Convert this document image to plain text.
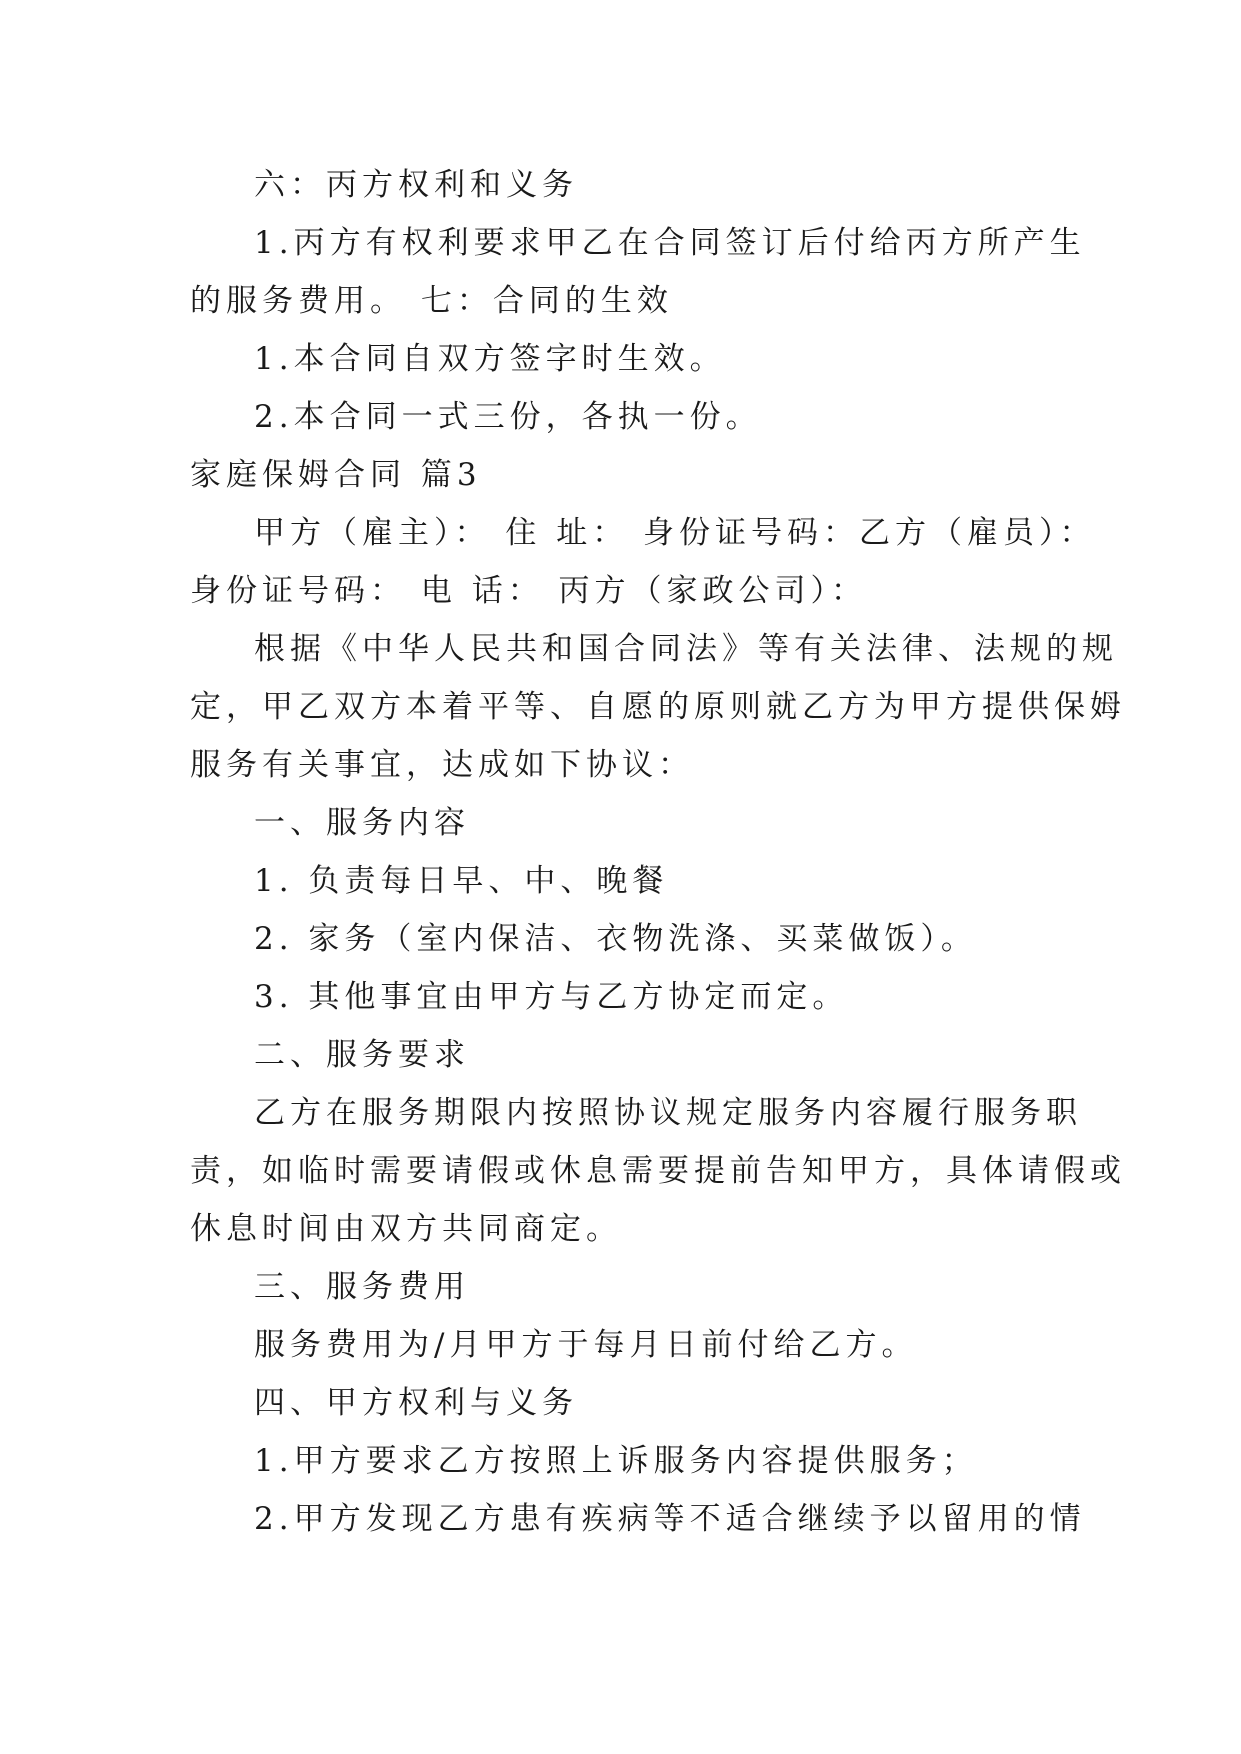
六：丙方权利和义务
1.丙方有权利要求甲乙在合同签订后付给丙方所产生
的服务费用。 七：合同的生效
1.本合同自双方签字时生效。
2.本合同一式三份，各执一份。
家庭保姆合同 篇3
甲方（雇主）： 住 址： 身份证号码：乙方（雇员）：
身份证号码： 电 话： 丙方（家政公司）：
根据《中华人民共和国合同法》等有关法律、法规的规
定，甲乙双方本着平等、自愿的原则就乙方为甲方提供保姆
服务有关事宜，达成如下协议：
一、服务内容
1. 负责每日早、中、晚餐
2. 家务（室内保洁、衣物洗涤、买菜做饭）。
3. 其他事宜由甲方与乙方协定而定。
二、服务要求
乙方在服务期限内按照协议规定服务内容履行服务职
责，如临时需要请假或休息需要提前告知甲方，具体请假或
休息时间由双方共同商定。
三、服务费用
服务费用为/月甲方于每月日前付给乙方。
四、甲方权利与义务
1.甲方要求乙方按照上诉服务内容提供服务；
2.甲方发现乙方患有疾病等不适合继续予以留用的情
